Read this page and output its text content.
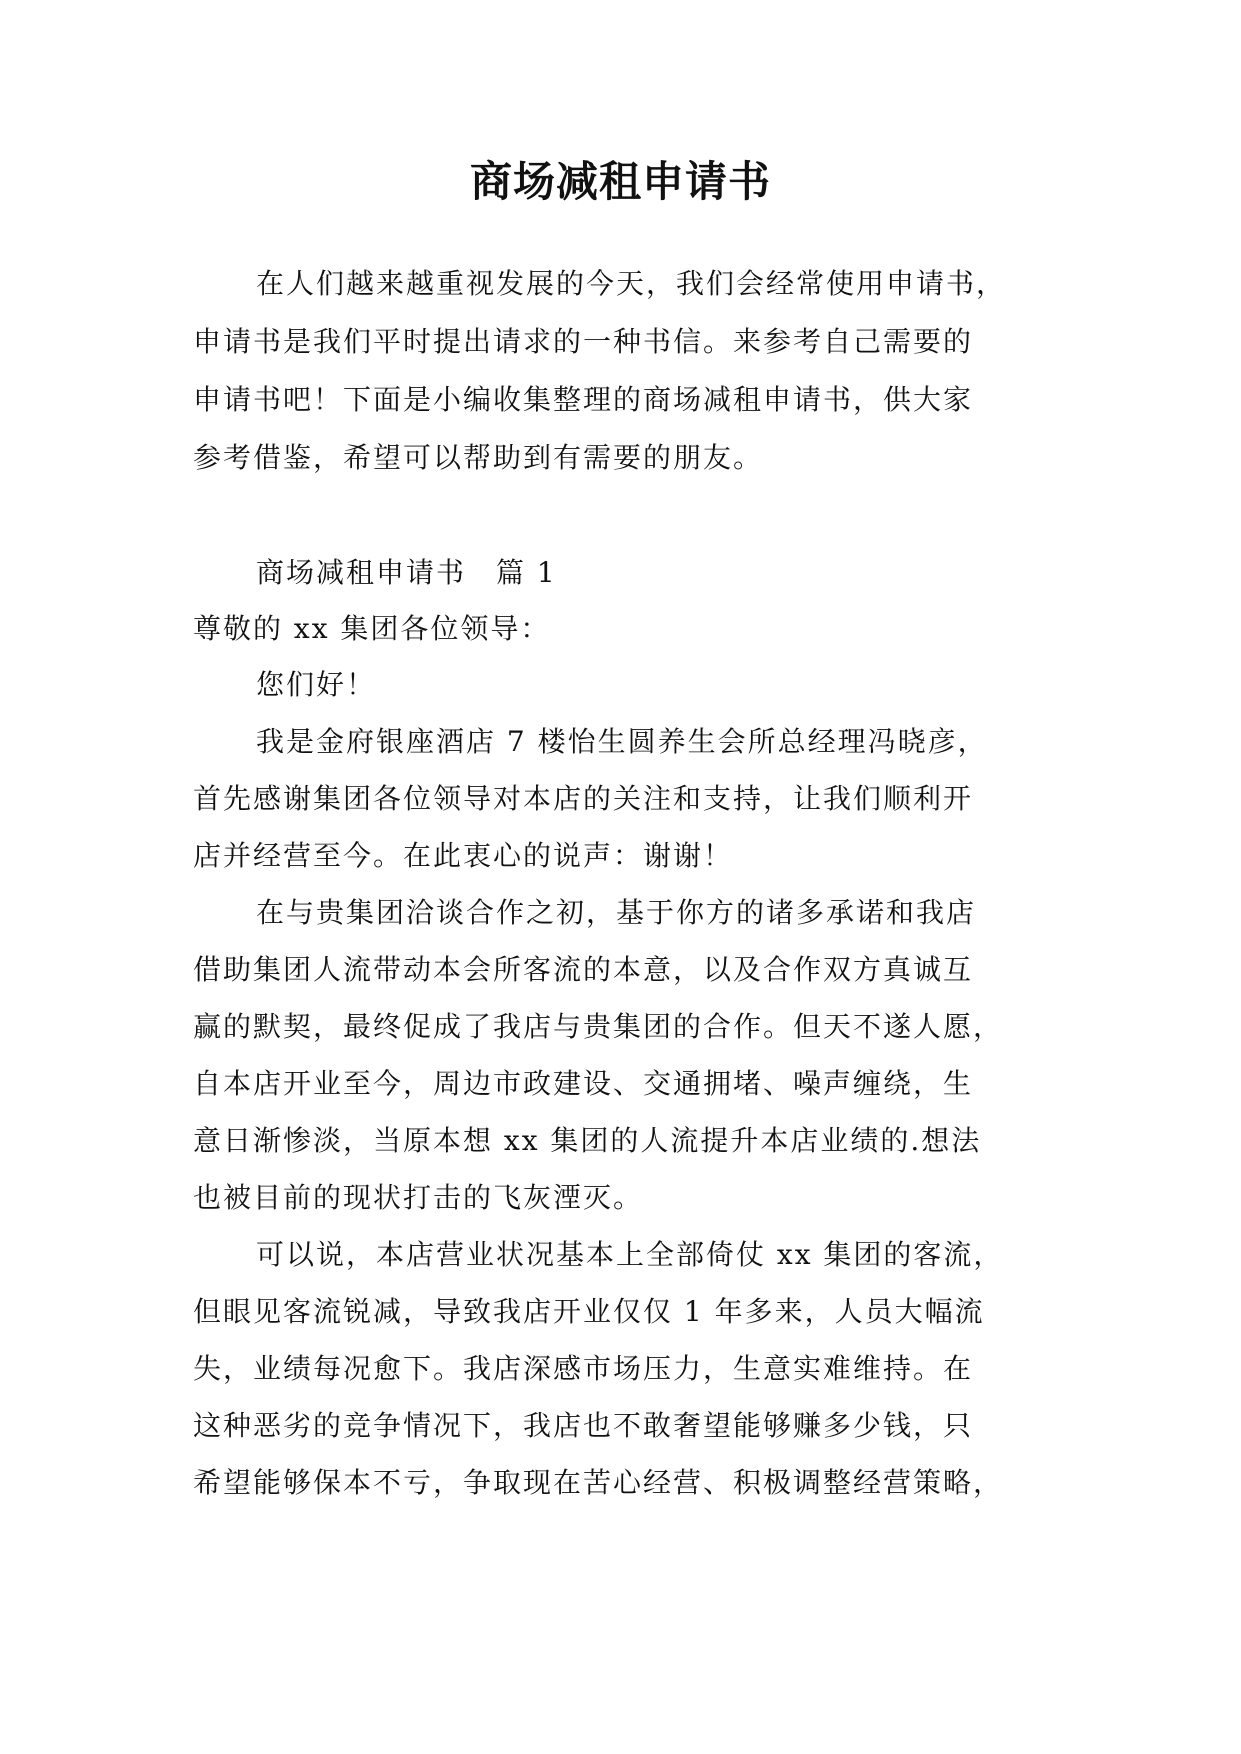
商场减租申请书
在人们越来越重视发展的今天，我们会经常使用申请书，
申请书是我们平时提出请求的一种书信。来参考自己需要的
申请书吧！下面是小编收集整理的商场减租申请书，供大家
参考借鉴，希望可以帮助到有需要的朋友。
商场减租申请书　篇 1
尊敬的 xx 集团各位领导：
您们好！
我是金府银座酒店 7 楼怡生圆养生会所总经理冯晓彦，
首先感谢集团各位领导对本店的关注和支持，让我们顺利开
店并经营至今。在此衷心的说声：谢谢！
在与贵集团洽谈合作之初，基于你方的诸多承诺和我店
借助集团人流带动本会所客流的本意，以及合作双方真诚互
赢的默契，最终促成了我店与贵集团的合作。但天不遂人愿，
自本店开业至今，周边市政建设、交通拥堵、噪声缠绕，生
意日渐惨淡，当原本想 xx 集团的人流提升本店业绩的.想法
也被目前的现状打击的飞灰湮灭。
可以说，本店营业状况基本上全部倚仗 xx 集团的客流，
但眼见客流锐减，导致我店开业仅仅 1 年多来，人员大幅流
失，业绩每况愈下。我店深感市场压力，生意实难维持。在
这种恶劣的竞争情况下，我店也不敢奢望能够赚多少钱，只
希望能够保本不亏，争取现在苦心经营、积极调整经营策略，
